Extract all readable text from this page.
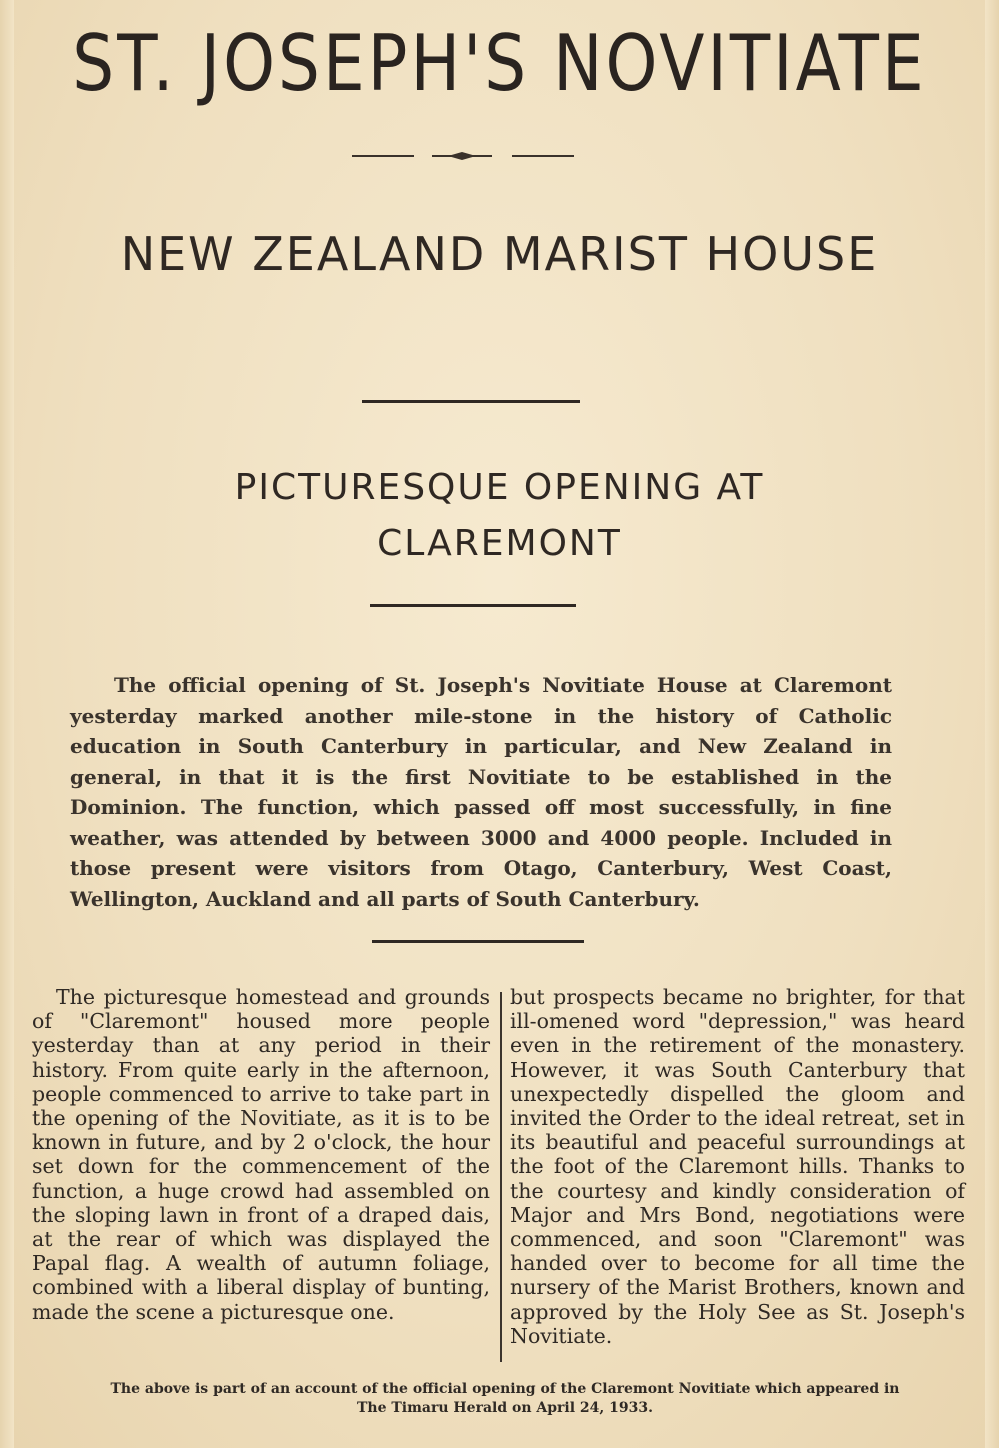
ST. JOSEPH'S NOVITIATE
NEW ZEALAND MARIST HOUSE
PICTURESQUE OPENING AT CLAREMONT

The official opening of St. Joseph's Novitiate House at Claremont yesterday marked another mile-stone in the history of Catholic education in South Canterbury in particular, and New Zealand in general, in that it is the first Novitiate to be established in the Dominion. The function, which passed off most successfully, in fine weather, was attended by between 3000 and 4000 people. Included in those present were visitors from Otago, Canterbury, West Coast, Wellington, Auckland and all parts of South Canterbury.

The picturesque homestead and grounds of "Claremont" housed more people yesterday than at any period in their history. From quite early in the afternoon, people commenced to arrive to take part in the opening of the Novitiate, as it is to be known in future, and by 2 o'clock, the hour set down for the commencement of the function, a huge crowd had assembled on the sloping lawn in front of a draped dais, at the rear of which was displayed the Papal flag. A wealth of autumn foliage, combined with a liberal display of bunting, made the scene a picturesque one.

but prospects became no brighter, for that ill-omened word "depression," was heard even in the retirement of the monastery. However, it was South Canterbury that unexpectedly dispelled the gloom and invited the Order to the ideal retreat, set in its beautiful and peaceful surroundings at the foot of the Claremont hills. Thanks to the courtesy and kindly consideration of Major and Mrs Bond, negotiations were commenced, and soon "Claremont" was handed over to become for all time the nursery of the Marist Brothers, known and approved by the Holy See as St. Joseph's Novitiate.

The above is part of an account of the official opening of the Claremont Novitiate which appeared in
The Timaru Herald on April 24, 1933.
